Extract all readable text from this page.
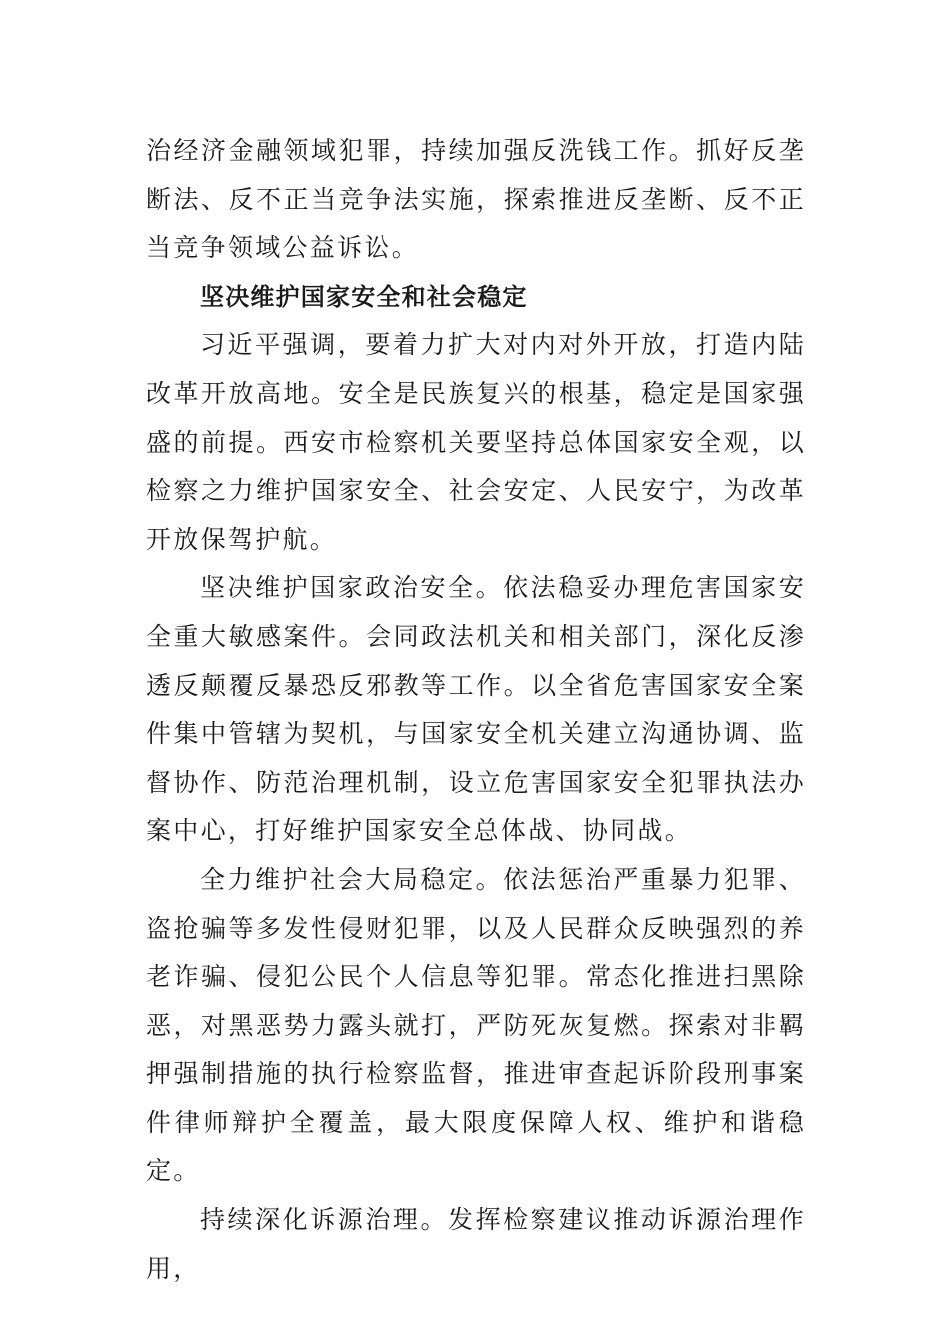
治经济金融领域犯罪，持续加强反洗钱工作。抓好反垄断法、反不正当竞争法实施，探索推进反垄断、反不正当竞争领域公益诉讼。

坚决维护国家安全和社会稳定

习近平强调，要着力扩大对内对外开放，打造内陆改革开放高地。安全是民族复兴的根基，稳定是国家强盛的前提。西安市检察机关要坚持总体国家安全观，以检察之力维护国家安全、社会安定、人民安宁，为改革开放保驾护航。

坚决维护国家政治安全。依法稳妥办理危害国家安全重大敏感案件。会同政法机关和相关部门，深化反渗透反颠覆反暴恐反邪教等工作。以全省危害国家安全案件集中管辖为契机，与国家安全机关建立沟通协调、监督协作、防范治理机制，设立危害国家安全犯罪执法办案中心，打好维护国家安全总体战、协同战。

全力维护社会大局稳定。依法惩治严重暴力犯罪、盗抢骗等多发性侵财犯罪，以及人民群众反映强烈的养老诈骗、侵犯公民个人信息等犯罪。常态化推进扫黑除恶，对黑恶势力露头就打，严防死灰复燃。探索对非羁押强制措施的执行检察监督，推进审查起诉阶段刑事案件律师辩护全覆盖，最大限度保障人权、维护和谐稳定。

持续深化诉源治理。发挥检察建议推动诉源治理作用，
